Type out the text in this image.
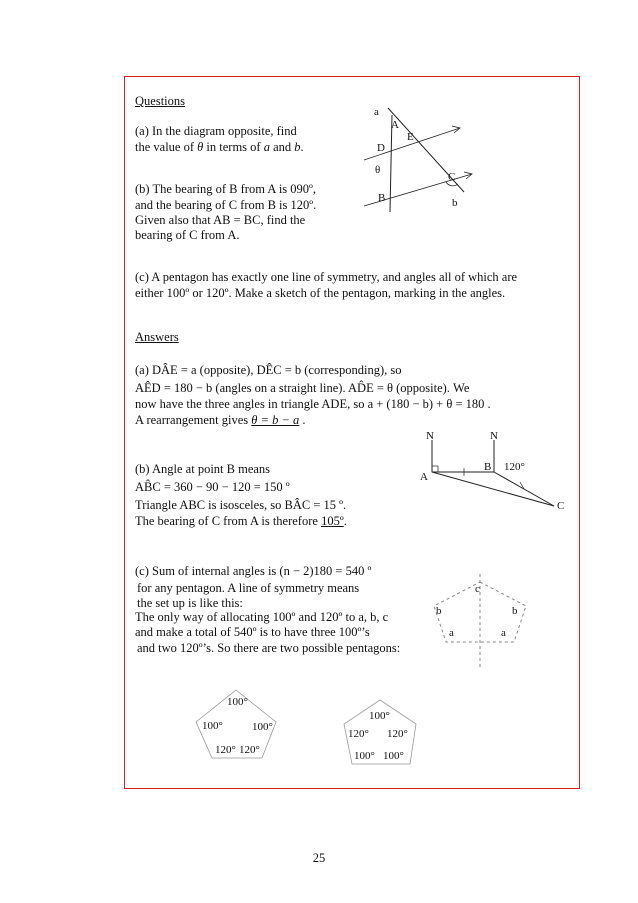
Questions
(a) In the diagram opposite, find
the value of θ in terms of a and b.
(b) The bearing of B from A is 090º,
and the bearing of C from B is 120º.
Given also that AB = BC, find the
bearing of C from A.
(c) A pentagon has exactly one line of symmetry, and angles all of which are
either 100º or 120º. Make a sketch of the pentagon, marking in the angles.
a
A
E
D
θ
C
B	b
Answers
(a) DÂE = a (opposite), DÊC = b (corresponding), so
AÊD = 180 − b (angles on a straight line). AD̂E = θ (opposite). We
now have the three angles in triangle ADE, so a + (180 − b) + θ = 180 .
A rearrangement gives θ = b − a .
(b) Angle at point B means
AB̂C = 360 − 90 − 120 = 150 º
Triangle ABC is isosceles, so BÂC = 15 º.
The bearing of C from A is therefore 105º.
N	N
A
B 120°
C
(c) Sum of internal angles is (n − 2)180 = 540 º
for any pentagon. A line of symmetry means
the set up is like this:
The only way of allocating 100º and 120º to a, b, c
and make a total of 540º is to have three 100º’s
and two 120º’s. So there are two possible pentagons:
c
b	b
a	a
100°
100°	100°
120° 120°
100°
120° 120°
100° 100°
25
